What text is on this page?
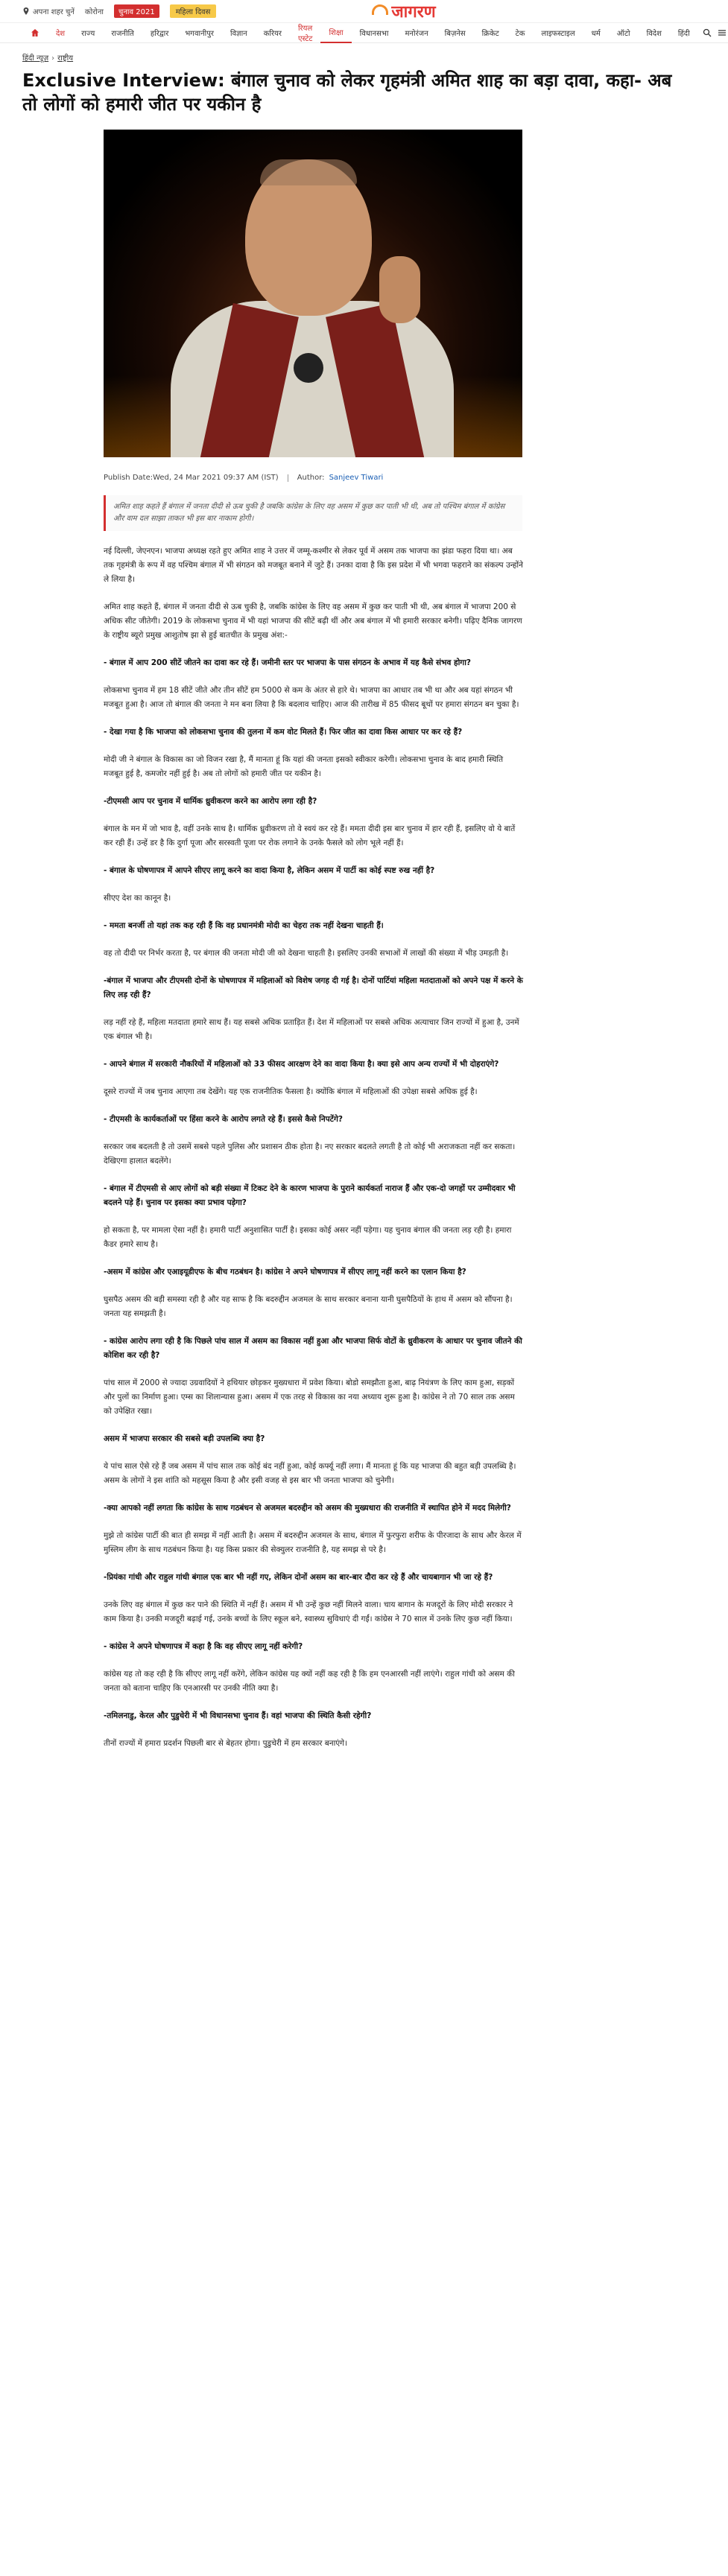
अपना शहर चुनें कोरोना	चुनाव 2021	महिला दिवस	जागरण
देश	राज्य	राजनीति	हरिद्वार	भगवानीपुर	विज्ञान	करियर
रियल एस्टेट
शिक्षा	विधानसभा	मनोरंजन	बिज़नेस	क्रिकेट	टेक	लाइफस्टाइल	धर्म	ऑटो	विदेश	हिंदी
हिंदी न्यूज़ › राष्ट्रीय
Exclusive Interview: बंगाल चुनाव को लेकर गृहमंत्री अमित शाह का बड़ा दावा, कहा- अब तो लोगों को हमारी जीत पर यकीन है
Publish Date:Wed, 24 Mar 2021 09:37 AM (IST)	Author: Sanjeev Tiwari
अमित शाह कहते हैं बंगाल में जनता दीदी से ऊब चुकी है जबकि कांग्रेस के लिए वह असम में कुछ कर पाती भी थी, अब तो पश्चिम बंगाल में कांग्रेस और वाम दल साझा ताकत भी इस बार नाकाम होगी।

नई दिल्ली, जेएनएन। भाजपा अध्यक्ष रहते हुए अमित शाह ने उत्तर में जम्मू-कश्मीर से लेकर पूर्व में असम तक भाजपा का झंडा फहरा दिया था। अब तक गृहमंत्री के रूप में वह पश्चिम बंगाल में भी संगठन को मजबूत बनाने में जुटे हैं। उनका दावा है कि इस प्रदेश में भी भगवा फहराने का संकल्प उन्होंने ले लिया है।

अमित शाह कहते हैं, बंगाल में जनता दीदी से ऊब चुकी है, जबकि कांग्रेस के लिए वह असम में कुछ कर पाती भी थी, अब बंगाल में भाजपा 200 से अधिक सीट जीतेगी। 2019 के लोकसभा चुनाव में भी यहां भाजपा की सीटें बढ़ी थीं और अब बंगाल में भी हमारी सरकार बनेगी। पढ़िए दैनिक जागरण के राष्ट्रीय ब्यूरो प्रमुख आशुतोष झा से हुई बातचीत के प्रमुख अंश:-

- बंगाल में आप 200 सीटें जीतने का दावा कर रहे हैं। जमीनी स्तर पर भाजपा के पास संगठन के अभाव में यह कैसे संभव होगा?

लोकसभा चुनाव में हम 18 सीटें जीते और तीन सीटें हम 5000 से कम के अंतर से हारे थे। भाजपा का आधार तब भी था और अब यहां संगठन भी मजबूत हुआ है। आज तो बंगाल की जनता ने मन बना लिया है कि बदलाव चाहिए। आज की तारीख में 85 फीसद बूथों पर हमारा संगठन बन चुका है।

- देखा गया है कि भाजपा को लोकसभा चुनाव की तुलना में कम वोट मिलते हैं। फिर जीत का दावा किस आधार पर कर रहे हैं?

मोदी जी ने बंगाल के विकास का जो विजन रखा है, मैं मानता हूं कि यहां की जनता इसको स्वीकार करेगी। लोकसभा चुनाव के बाद हमारी स्थिति मजबूत हुई है, कमजोर नहीं हुई है। अब तो लोगों को हमारी जीत पर यकीन है।

-टीएमसी आप पर चुनाव में धार्मिक ध्रुवीकरण करने का आरोप लगा रही है?

बंगाल के मन में जो भाव है, वहीं उनके साथ है। धार्मिक ध्रुवीकरण तो वे स्वयं कर रहे हैं। ममता दीदी इस बार चुनाव में हार रही हैं, इसलिए वो ये बातें कर रही हैं। उन्हें डर है कि दुर्गा पूजा और सरस्वती पूजा पर रोक लगाने के उनके फैसले को लोग भूले नहीं हैं।

- बंगाल के घोषणापत्र में आपने सीएए लागू करने का वादा किया है, लेकिन असम में पार्टी का कोई स्पष्ट रुख नहीं है?

सीएए देश का कानून है।

- ममता बनर्जी तो यहां तक कह रही हैं कि वह प्रधानमंत्री मोदी का चेहरा तक नहीं देखना चाहती हैं।

वह तो दीदी पर निर्भर करता है, पर बंगाल की जनता मोदी जी को देखना चाहती है। इसलिए उनकी सभाओं में लाखों की संख्या में भीड़ उमड़ती है।

-बंगाल में भाजपा और टीएमसी दोनों के घोषणापत्र में महिलाओं को विशेष जगह दी गई है। दोनों पार्टियां महिला मतदाताओं को अपने पक्ष में करने के लिए लड़ रही हैं?

लड़ नहीं रहे हैं, महिला मतदाता हमारे साथ हैं। यह सबसे अधिक प्रताड़ित हैं। देश में महिलाओं पर सबसे अधिक अत्याचार जिन राज्यों में हुआ है, उनमें एक बंगाल भी है।

- आपने बंगाल में सरकारी नौकरियों में महिलाओं को 33 फीसद आरक्षण देने का वादा किया है। क्या इसे आप अन्य राज्यों में भी दोहराएंगे?

दूसरे राज्यों में जब चुनाव आएगा तब देखेंगे। यह एक राजनीतिक फैसला है। क्योंकि बंगाल में महिलाओं की उपेक्षा सबसे अधिक हुई है।

- टीएमसी के कार्यकर्ताओं पर हिंसा करने के आरोप लगते रहे हैं। इससे कैसे निपटेंगे?

सरकार जब बदलती है तो उसमें सबसे पहले पुलिस और प्रशासन ठीक होता है। नए सरकार बदलते लगती है तो कोई भी अराजकता नहीं कर सकता। देखिएगा हालात बदलेंगे।

- बंगाल में टीएमसी से आए लोगों को बड़ी संख्या में टिकट देने के कारण भाजपा के पुराने कार्यकर्ता नाराज हैं और एक-दो जगहों पर उम्मीदवार भी बदलने पड़े हैं। चुनाव पर इसका क्या प्रभाव पड़ेगा?

हो सकता है, पर मामला ऐसा नहीं है। हमारी पार्टी अनुशासित पार्टी है। इसका कोई असर नहीं पड़ेगा। यह चुनाव बंगाल की जनता लड़ रही है। हमारा कैडर हमारे साथ है।

-असम में कांग्रेस और एआइयूडीएफ के बीच गठबंधन है। कांग्रेस ने अपने घोषणापत्र में सीएए लागू नहीं करने का एलान किया है?

घुसपैठ असम की बड़ी समस्या रही है और यह साफ है कि बदरुद्दीन अजमल के साथ सरकार बनाना यानी घुसपैठियों के हाथ में असम को सौंपना है। जनता यह समझती है।

- कांग्रेस आरोप लगा रही है कि पिछले पांच साल में असम का विकास नहीं हुआ और भाजपा सिर्फ वोटों के ध्रुवीकरण के आधार पर चुनाव जीतने की कोशिश कर रही है?

पांच साल में 2000 से ज्यादा उग्रवादियों ने हथियार छोड़कर मुख्यधारा में प्रवेश किया। बोडो समझौता हुआ, बाढ़ नियंत्रण के लिए काम हुआ, सड़कों और पुलों का निर्माण हुआ। एम्स का शिलान्यास हुआ। असम में एक तरह से विकास का नया अध्याय शुरू हुआ है। कांग्रेस ने तो 70 साल तक असम को उपेक्षित रखा।

असम में भाजपा सरकार की सबसे बड़ी उपलब्धि क्या है?

ये पांच साल ऐसे रहे हैं जब असम में पांच साल तक कोई बंद नहीं हुआ, कोई कर्फ्यू नहीं लगा। मैं मानता हूं कि यह भाजपा की बहुत बड़ी उपलब्धि है। असम के लोगों ने इस शांति को महसूस किया है और इसी वजह से इस बार भी जनता भाजपा को चुनेगी।

-क्या आपको नहीं लगता कि कांग्रेस के साथ गठबंधन से अजमल बदरुद्दीन को असम की मुख्यधारा की राजनीति में स्थापित होने में मदद मिलेगी?

मुझे तो कांग्रेस पार्टी की बात ही समझ में नहीं आती है। असम में बदरुद्दीन अजमल के साथ, बंगाल में फुरफुरा शरीफ के पीरजादा के साथ और केरल में मुस्लिम लीग के साथ गठबंधन किया है। यह किस प्रकार की सेक्युलर राजनीति है, यह समझ से परे है।

-प्रियंका गांधी और राहुल गांधी बंगाल एक बार भी नहीं गए, लेकिन दोनों असम का बार-बार दौरा कर रहे हैं और चायबागान भी जा रहे हैं?

उनके लिए वह बंगाल में कुछ कर पाने की स्थिति में नहीं हैं। असम में भी उन्हें कुछ नहीं मिलने वाला। चाय बागान के मजदूरों के लिए मोदी सरकार ने काम किया है। उनकी मजदूरी बढ़ाई गई, उनके बच्चों के लिए स्कूल बने, स्वास्थ्य सुविधाएं दी गईं। कांग्रेस ने 70 साल में उनके लिए कुछ नहीं किया।

- कांग्रेस ने अपने घोषणापत्र में कहा है कि वह सीएए लागू नहीं करेगी?

कांग्रेस यह तो कह रही है कि सीएए लागू नहीं करेंगे, लेकिन कांग्रेस यह क्यों नहीं कह रही है कि हम एनआरसी नहीं लाएंगे। राहुल गांधी को असम की जनता को बताना चाहिए कि एनआरसी पर उनकी नीति क्या है।

-तमिलनाडु, केरल और पुडुचेरी में भी विधानसभा चुनाव हैं। वहां भाजपा की स्थिति कैसी रहेगी?

तीनों राज्यों में हमारा प्रदर्शन पिछली बार से बेहतर होगा। पुडुचेरी में हम सरकार बनाएंगे।
